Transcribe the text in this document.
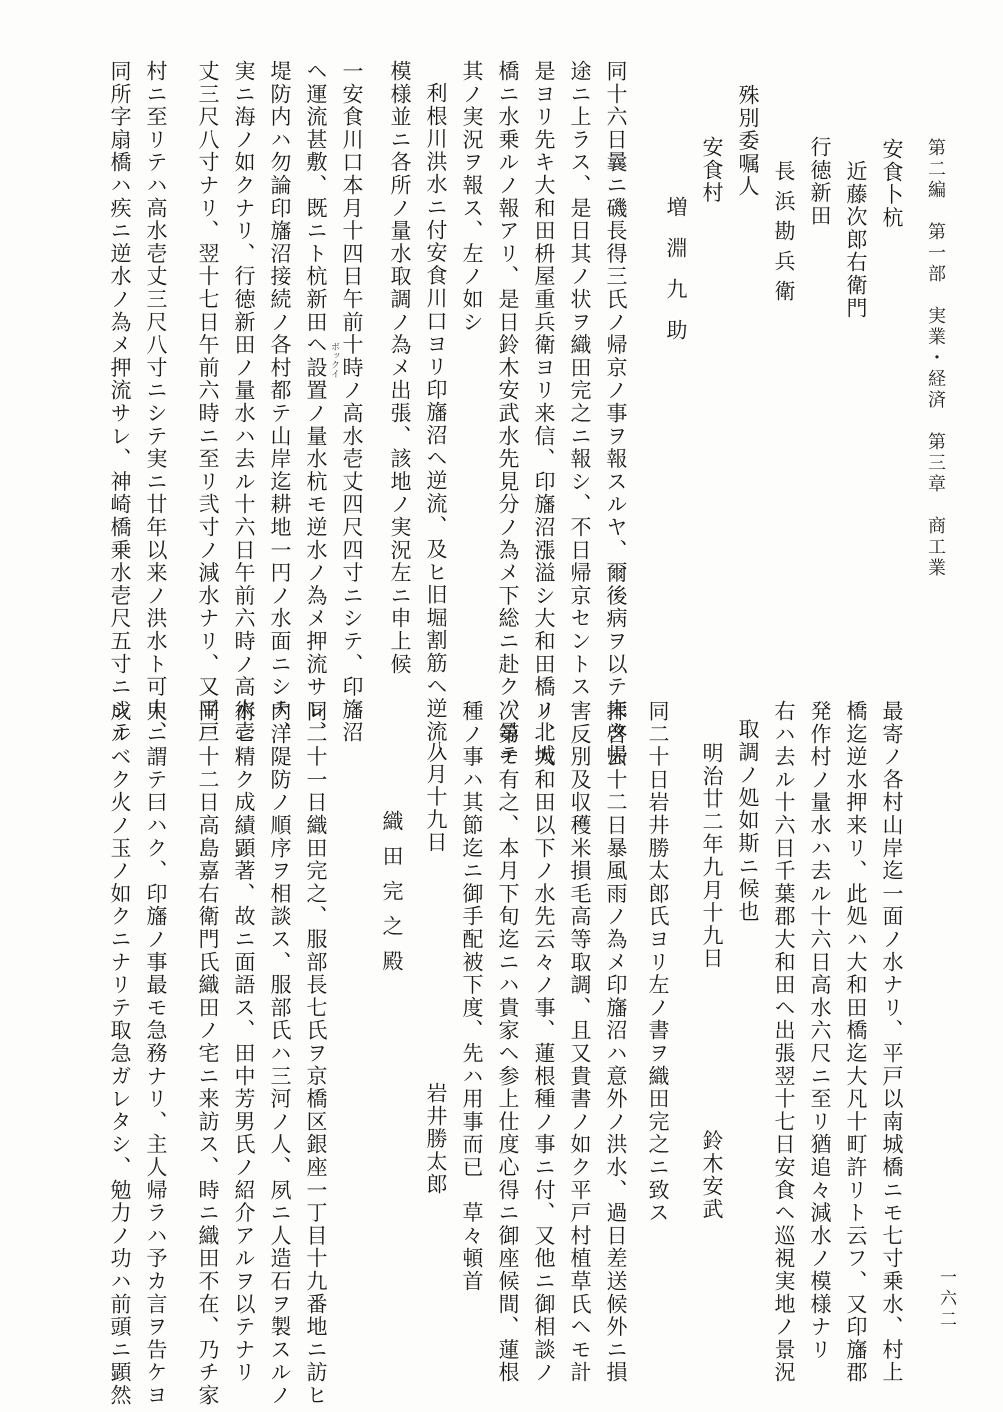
第二編　第一部　実業・経済　第三章　商工業
一六二
安食卜杭
近藤次郎右衛門
行徳新田
長浜勘兵衛
殊別委嘱人
安食村
増淵九助
同十六日曩ニ磯長得三氏ノ帰京ノ事ヲ報スルヤ、爾後病ヲ以テ未タ帰
途ニ上ラス、是日其ノ状ヲ織田完之ニ報シ、不日帰京セントス
是ヨリ先キ大和田枡屋重兵衛ヨリ来信、印旛沼漲溢シ大和田橋ノ北城
橋ニ水乗ルノ報アリ、是日鈴木安武水先見分ノ為メ下総ニ赴ク、尋テ
其ノ実況ヲ報ス、左ノ如シ
利根川洪水ニ付安食川口ヨリ印旛沼ヘ逆流、及ヒ旧堀割筋ヘ逆流ノ
模様並ニ各所ノ量水取調ノ為メ出張、該地ノ実況左ニ申上候
一安食川口本月十四日午前十時ノ高水壱丈四尺四寸ニシテ、印旛沼
ヘ運流甚敷、既ニト杭新田ヘ設置ノ量水杭モ逆水ノ為メ押流サレ、
堤防内ハ勿論印旛沼接続ノ各村都テ山岸迄耕地一円ノ水面ニシテ、
実ニ海ノ如クナリ、行徳新田ノ量水ハ去ル十六日午前六時ノ高水壱
丈三尺八寸ナリ、翌十七日午前六時ニ至リ弐寸ノ減水ナリ、又平戸
村ニ至リテハ高水壱丈三尺八寸ニシテ実ニ廿年以来ノ洪水ト可申、
同所字扇橋ハ疾ニ逆水ノ為メ押流サレ、神崎橋乗水壱尺五寸ニシテ	ボックイ
最寄ノ各村山岸迄一面ノ水ナリ、平戸以南城橋ニモ七寸乗水、村上
橋迄逆水押来リ、此処ハ大和田橋迄大凡十町許リト云フ、又印旛郡
発作村ノ量水ハ去ル十六日高水六尺ニ至リ猶追々減水ノ模様ナリ
右ハ去ル十六日千葉郡大和田ヘ出張翌十七日安食ヘ巡視実地ノ景況
取調ノ処如斯ニ候也
明治廿二年九月十九日　　　　　　　鈴木安武
同二十日岩井勝太郎氏ヨリ左ノ書ヲ織田完之ニ致ス
拝啓去十二日暴風雨ノ為メ印旛沼ハ意外ノ洪水、過日差送候外ニ損
害反別及収穫米損毛高等取調、且又貴書ノ如ク平戸村植草氏ヘモ計
リ、大和田以下ノ水先云々ノ事、蓮根種ノ事ニ付、又他ニ御相談ノ
次第モ有之、本月下旬迄ニハ貴家ヘ参上仕度心得ニ御座候間、蓮根
種ノ事ハ其節迄ニ御手配被下度、先ハ用事而已　草々頓首
八月十九日　　　　　　　　　　岩井勝太郎
　　織田完之殿
同二十一日織田完之、服部長七氏ヲ京橋区銀座一丁目十九番地ニ訪ヒ
内洋隄防ノ順序ヲ相談ス、服部氏ハ三河ノ人、夙ニ人造石ヲ製スルノ
術ニ精ク成績顕著、故ニ面語ス、田中芳男氏ノ紹介アルヲ以テナリ
同二十二日高島嘉右衛門氏織田ノ宅ニ来訪ス、時ニ織田不在、乃チ家
人ニ謂テ曰ハク、印旛ノ事最モ急務ナリ、主人帰ラハ予カ言ヲ告ケヨ
成ルベク火ノ玉ノ如クニナリテ取急ガレタシ、勉力ノ功ハ前頭ニ顕然
